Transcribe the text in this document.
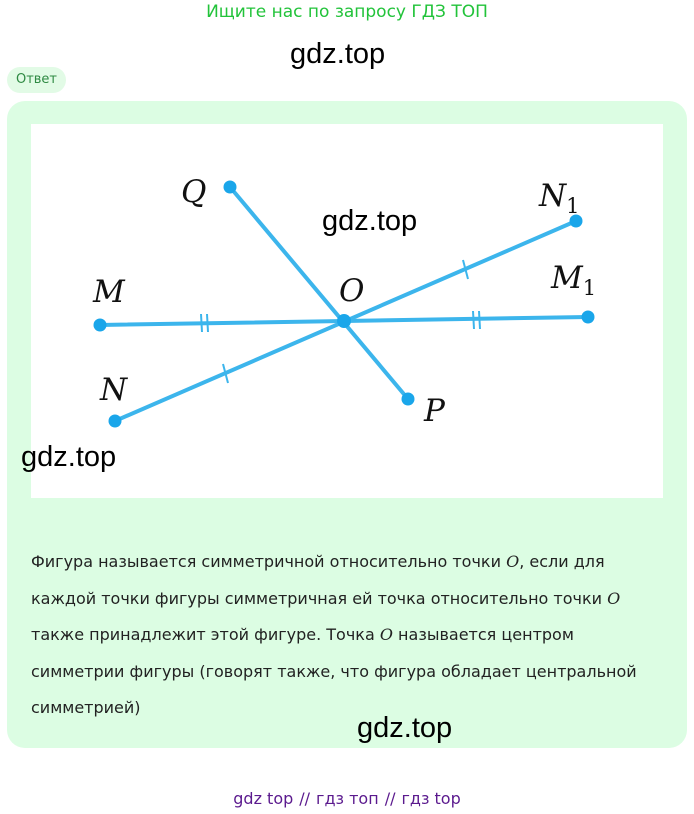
Ищите нас по запросу ГДЗ ТОП
gdz.top
Ответ
Q	$N_1$
M	O	$M_1$
N
P
gdz.top
gdz.top
Фигура называется симметричной относительно точки O, если для каждой точки фигуры симметричная ей точка относительно точки O также принадлежит этой фигуре. Точка O называется центром симметрии фигуры (говорят также, что фигура обладает центральной симметрией)
gdz.top
gdz top // гдз топ // гдз top
